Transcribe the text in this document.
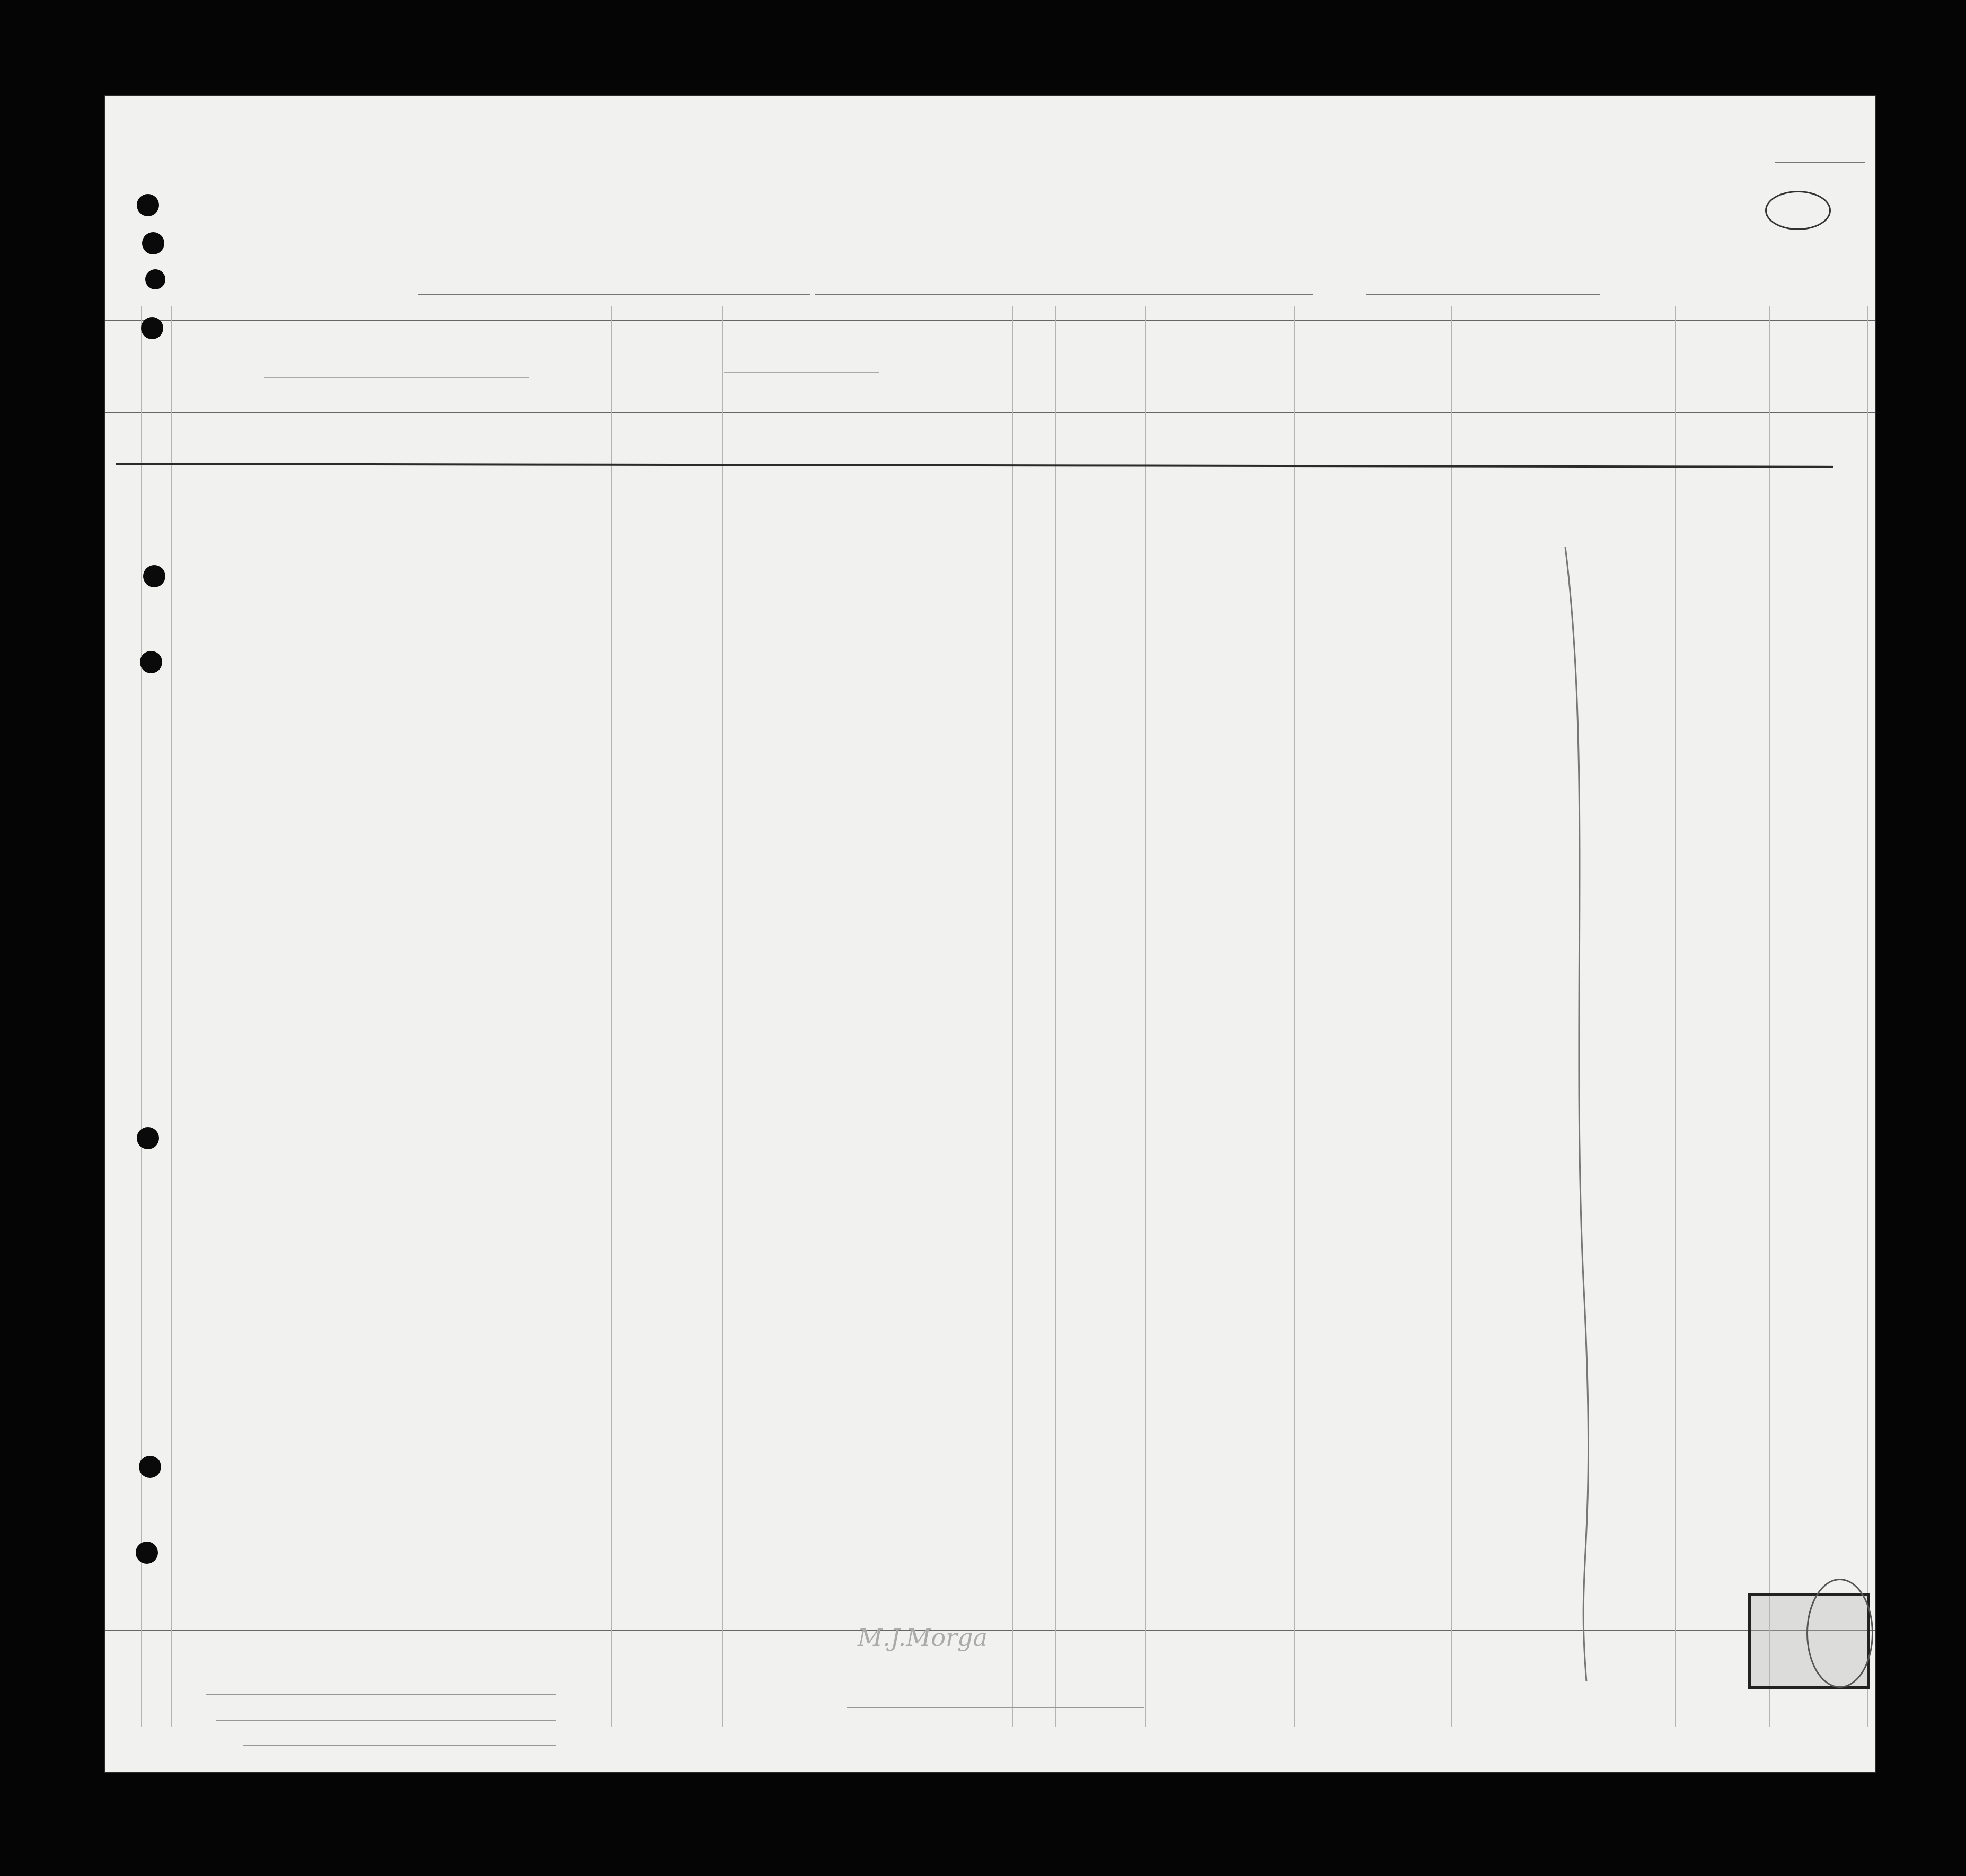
M.J.Morga
